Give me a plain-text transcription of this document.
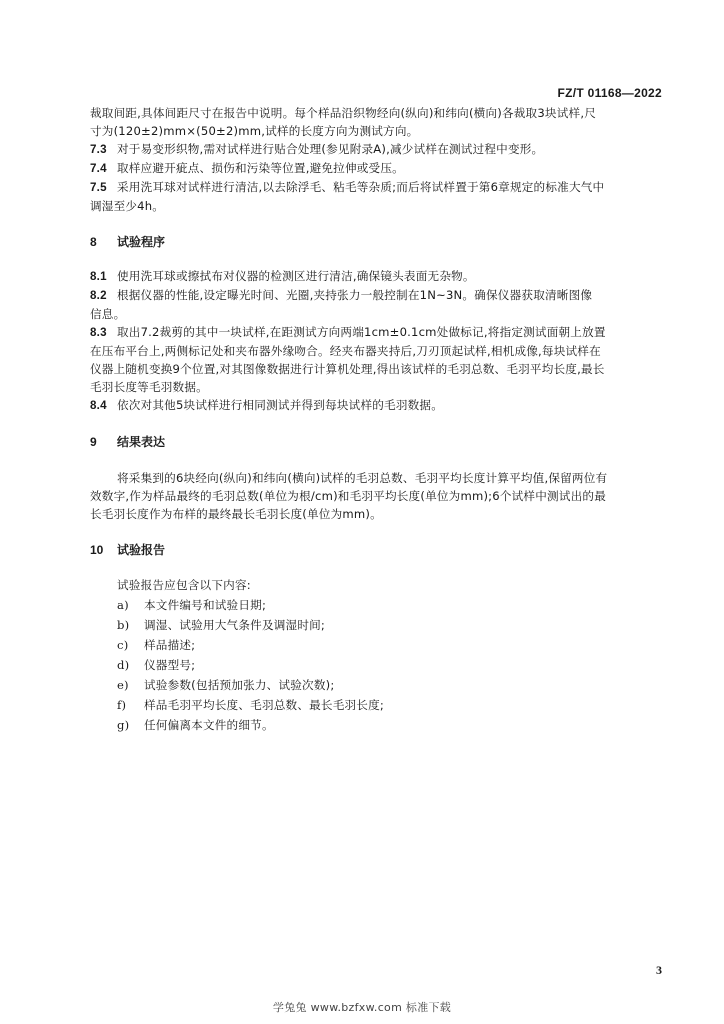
FZ/T 01168—2022
裁取间距,具体间距尺寸在报告中说明。每个样品沿织物经向(纵向)和纬向(横向)各裁取3块试样,尺
寸为(120±2)mm×(50±2)mm,试样的长度方向为测试方向。
7.3 对于易变形织物,需对试样进行贴合处理(参见附录A),减少试样在测试过程中变形。
7.4 取样应避开疵点、损伤和污染等位置,避免拉伸或受压。
7.5 采用洗耳球对试样进行清洁,以去除浮毛、粘毛等杂质;而后将试样置于第6章规定的标准大气中
调湿至少4h。
8 试验程序
8.1 使用洗耳球或擦拭布对仪器的检测区进行清洁,确保镜头表面无杂物。
8.2 根据仪器的性能,设定曝光时间、光圈,夹持张力一般控制在1N~3N。确保仪器获取清晰图像
信息。
8.3 取出7.2裁剪的其中一块试样,在距测试方向两端1cm±0.1cm处做标记,将指定测试面朝上放置
在压布平台上,两侧标记处和夹布器外缘吻合。经夹布器夹持后,刀刃顶起试样,相机成像,每块试样在
仪器上随机变换9个位置,对其图像数据进行计算机处理,得出该试样的毛羽总数、毛羽平均长度,最长
毛羽长度等毛羽数据。
8.4 依次对其他5块试样进行相同测试并得到每块试样的毛羽数据。
9 结果表达
将采集到的6块经向(纵向)和纬向(横向)试样的毛羽总数、毛羽平均长度计算平均值,保留两位有
效数字,作为样品最终的毛羽总数(单位为根/cm)和毛羽平均长度(单位为mm);6个试样中测试出的最
长毛羽长度作为布样的最终最长毛羽长度(单位为mm)。
10 试验报告
试验报告应包含以下内容:
a)	本文件编号和试验日期;
b)	调湿、试验用大气条件及调湿时间;
c)	样品描述;
d)	仪器型号;
e)	试验参数(包括预加张力、试验次数);
f)	样品毛羽平均长度、毛羽总数、最长毛羽长度;
g)	任何偏离本文件的细节。
3
学兔兔 www.bzfxw.com 标准下载
